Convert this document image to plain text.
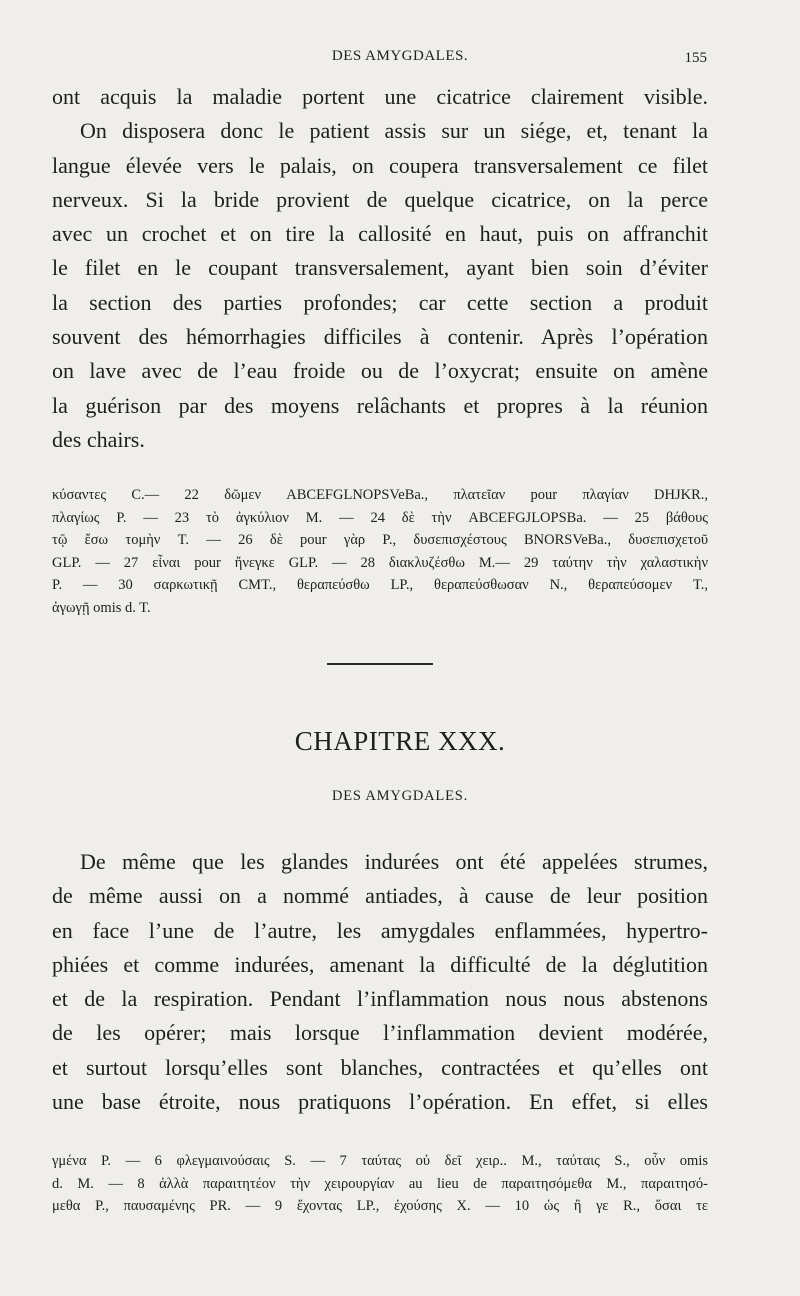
DES AMYGDALES.	155
ont acquis la maladie portent une cicatrice clairement visible.
On disposera donc le patient assis sur un siége, et, tenant la
langue élevée vers le palais, on coupera transversalement ce filet
nerveux. Si la bride provient de quelque cicatrice, on la perce
avec un crochet et on tire la callosité en haut, puis on affranchit
le filet en le coupant transversalement, ayant bien soin d’éviter
la section des parties profondes; car cette section a produit
souvent des hémorrhagies difficiles à contenir. Après l’opération
on lave avec de l’eau froide ou de l’oxycrat; ensuite on amène
la guérison par des moyens relâchants et propres à la réunion
des chairs.
κύσαντες C.— 22 δῶμεν ABCEFGLNOPSVeBa., πλατεῖαν pour πλαγίαν DHJKR.,
πλαγίως P. — 23 τὸ ἀγκύλιον M. — 24 δὲ τὴν ABCEFGJLOPSBa. — 25 βάθους
τῷ ἔσω τομὴν T. — 26 δὲ pour γὰρ P., δυσεπισχέστους BNORSVeBa., δυσεπισχετοῦ
GLP. — 27 εἶναι pour ἤνεγκε GLP. — 28 διακλυζέσθω M.— 29 ταύτην τὴν χαλαστικὴν
P. — 30 σαρκωτικῇ CMT., θεραπεύσθω LP., θεραπεύσθωσαν N., θεραπεύσομεν T.,
ἀγωγῇ omis d. T.
CHAPITRE XXX.
DES AMYGDALES.
De même que les glandes indurées ont été appelées strumes,
de même aussi on a nommé antiades, à cause de leur position
en face l’une de l’autre, les amygdales enflammées, hypertro-
phiées et comme indurées, amenant la difficulté de la déglutition
et de la respiration. Pendant l’inflammation nous nous abstenons
de les opérer; mais lorsque l’inflammation devient modérée,
et surtout lorsqu’elles sont blanches, contractées et qu’elles ont
une base étroite, nous pratiquons l’opération. En effet, si elles
γμένα P. — 6 φλεγμαινούσαις S. — 7 ταύτας οὐ δεῖ χειρ.. M., ταύταις S., οὖν omis
d. M. — 8 ἀλλὰ παραιτητέον τὴν χειρουργίαν au lieu de παραιτησόμεθα M., παραιτησό-
μεθα P., παυσαμένης PR. — 9 ἔχοντας LP., ἐχούσης X. — 10 ὡς ἢ γε R., ὅσαι τε
